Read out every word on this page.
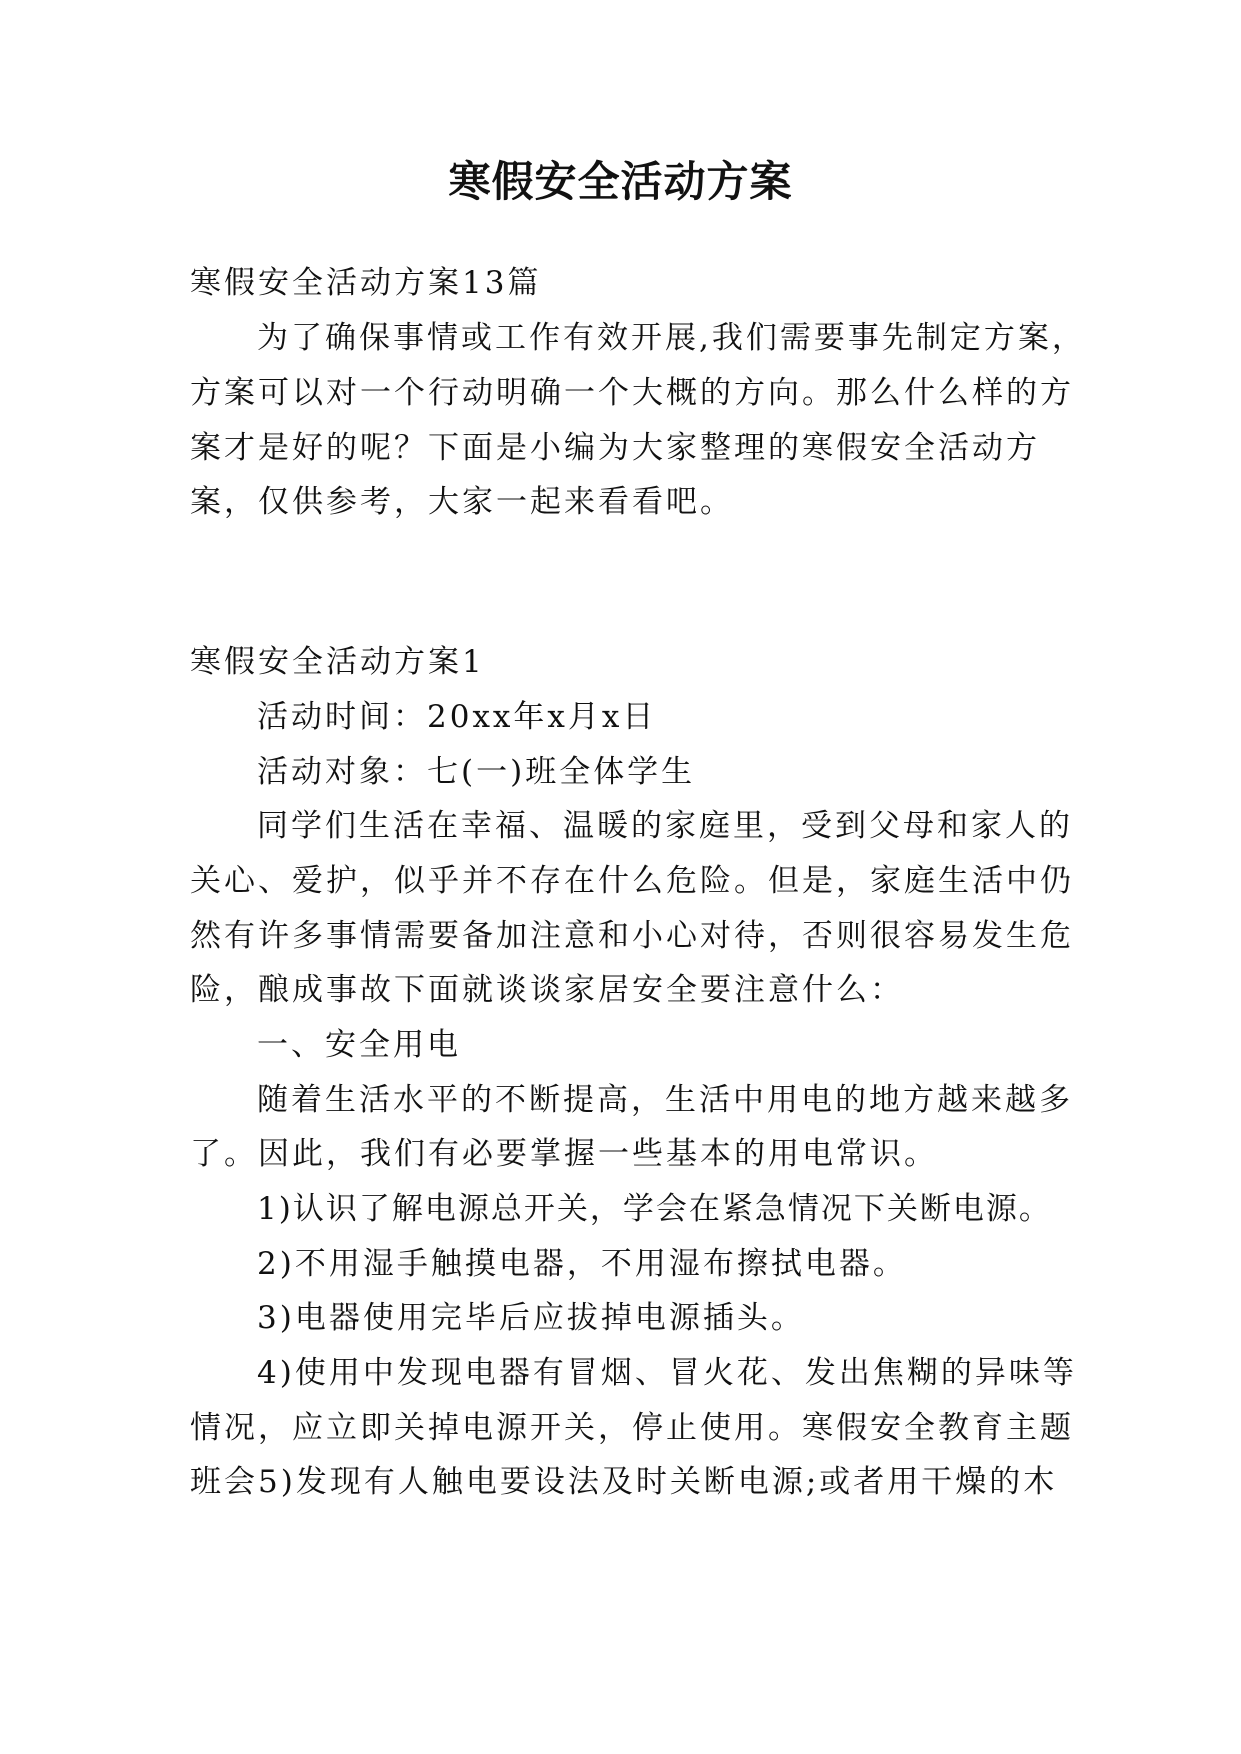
寒假安全活动方案

寒假安全活动方案13篇

为了确保事情或工作有效开展,我们需要事先制定方案，

方案可以对一个行动明确一个大概的方向。那么什么样的方

案才是好的呢？下面是小编为大家整理的寒假安全活动方

案，仅供参考，大家一起来看看吧。

寒假安全活动方案1

活动时间：20xx年x月x日

活动对象：七(一)班全体学生

同学们生活在幸福、温暖的家庭里，受到父母和家人的

关心、爱护，似乎并不存在什么危险。但是，家庭生活中仍

然有许多事情需要备加注意和小心对待，否则很容易发生危

险，酿成事故下面就谈谈家居安全要注意什么：

一、安全用电

随着生活水平的不断提高，生活中用电的地方越来越多

了。因此，我们有必要掌握一些基本的用电常识。

1)认识了解电源总开关，学会在紧急情况下关断电源。

2)不用湿手触摸电器，不用湿布擦拭电器。

3)电器使用完毕后应拔掉电源插头。

4)使用中发现电器有冒烟、冒火花、发出焦糊的异味等

情况，应立即关掉电源开关，停止使用。寒假安全教育主题

班会5)发现有人触电要设法及时关断电源;或者用干燥的木
